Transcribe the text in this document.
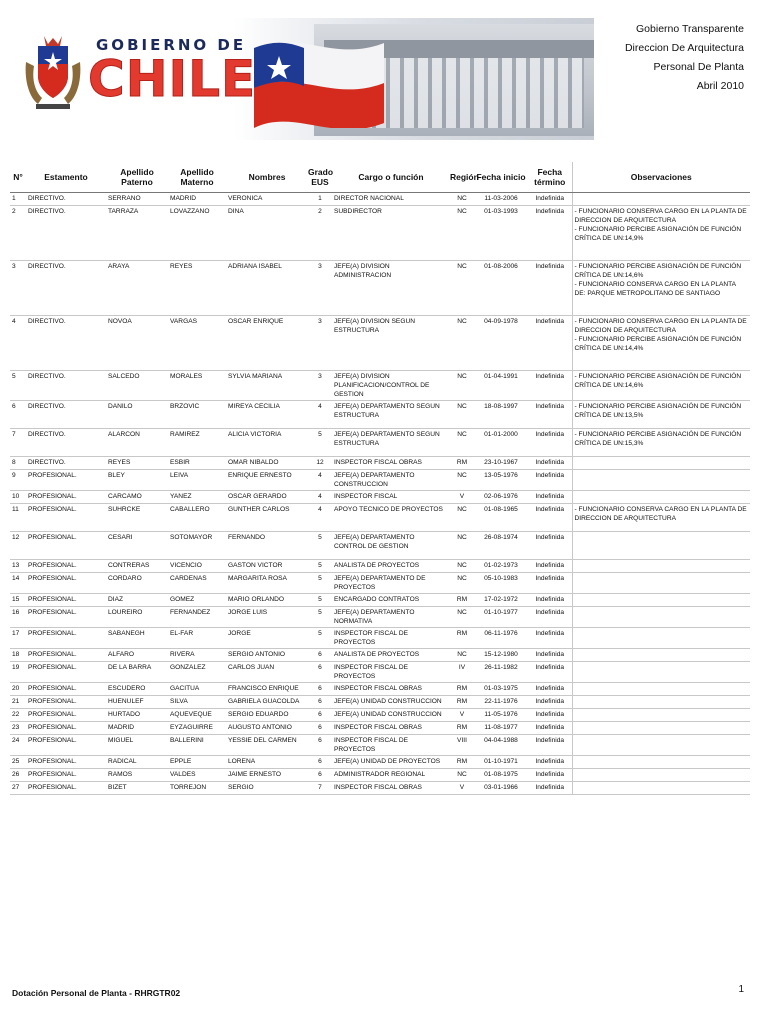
GOBIERNO DE
CHILE
Gobierno Transparente
Direccion De Arquitectura
Personal De Planta
Abril 2010
N°	Estamento	Apellido Paterno	Apellido Materno	Nombres	Grado EUS	Cargo o función	Región	Fecha inicio	Fecha término	Observaciones
1	DIRECTIVO.	SERRANO	MADRID	VERONICA	1	DIRECTOR NACIONAL	NC	11-03-2006	Indefinida	
2	DIRECTIVO.	TARRAZA	LOVAZZANO	DINA	2	SUBDIRECTOR	NC	01-03-1993	Indefinida	- FUNCIONARIO CONSERVA CARGO EN LA PLANTA DE DIRECCION DE ARQUITECTURA
- FUNCIONARIO PERCIBE ASIGNACIÓN DE FUNCIÓN CRÍTICA DE UN:14,9%
3	DIRECTIVO.	ARAYA	REYES	ADRIANA ISABEL	3	JEFE(A) DIVISION ADMINISTRACION	NC	01-08-2006	Indefinida	- FUNCIONARIO PERCIBE ASIGNACIÓN DE FUNCIÓN CRÍTICA DE UN:14,6%
- FUNCIONARIO CONSERVA CARGO EN LA PLANTA DE: PARQUE METROPOLITANO DE SANTIAGO
4	DIRECTIVO.	NOVOA	VARGAS	OSCAR ENRIQUE	3	JEFE(A) DIVISION SEGUN ESTRUCTURA	NC	04-09-1978	Indefinida	- FUNCIONARIO CONSERVA CARGO EN LA PLANTA DE DIRECCION DE ARQUITECTURA
- FUNCIONARIO PERCIBE ASIGNACIÓN DE FUNCIÓN CRÍTICA DE UN:14,4%
5	DIRECTIVO.	SALCEDO	MORALES	SYLVIA MARIANA	3	JEFE(A) DIVISION PLANIFICACION/CONTROL DE GESTION	NC	01-04-1991	Indefinida	- FUNCIONARIO PERCIBE ASIGNACIÓN DE FUNCIÓN CRÍTICA DE UN:14,6%
6	DIRECTIVO.	DANILO	BRZOVIC	MIREYA CECILIA	4	JEFE(A) DEPARTAMENTO SEGUN ESTRUCTURA	NC	18-08-1997	Indefinida	- FUNCIONARIO PERCIBE ASIGNACIÓN DE FUNCIÓN CRÍTICA DE UN:13,5%
7	DIRECTIVO.	ALARCON	RAMIREZ	ALICIA VICTORIA	5	JEFE(A) DEPARTAMENTO SEGUN ESTRUCTURA	NC	01-01-2000	Indefinida	- FUNCIONARIO PERCIBE ASIGNACIÓN DE FUNCIÓN CRÍTICA DE UN:15,3%
8	DIRECTIVO.	REYES	ESBIR	OMAR NIBALDO	12	INSPECTOR FISCAL OBRAS	RM	23-10-1967	Indefinida	
9	PROFESIONAL.	BLEY	LEIVA	ENRIQUE ERNESTO	4	JEFE(A) DEPARTAMENTO CONSTRUCCION	NC	13-05-1976	Indefinida	
10	PROFESIONAL.	CARCAMO	YANEZ	OSCAR GERARDO	4	INSPECTOR FISCAL	V	02-06-1976	Indefinida	
11	PROFESIONAL.	SUHRCKE	CABALLERO	GUNTHER CARLOS	4	APOYO TECNICO DE PROYECTOS	NC	01-08-1965	Indefinida	- FUNCIONARIO CONSERVA CARGO EN LA PLANTA DE DIRECCION DE ARQUITECTURA
12	PROFESIONAL.	CESARI	SOTOMAYOR	FERNANDO	5	JEFE(A) DEPARTAMENTO CONTROL DE GESTION	NC	26-08-1974	Indefinida	
13	PROFESIONAL.	CONTRERAS	VICENCIO	GASTON VICTOR	5	ANALISTA DE PROYECTOS	NC	01-02-1973	Indefinida	
14	PROFESIONAL.	CORDARO	CARDENAS	MARGARITA ROSA	5	JEFE(A) DEPARTAMENTO DE PROYECTOS	NC	05-10-1983	Indefinida	
15	PROFESIONAL.	DIAZ	GOMEZ	MARIO ORLANDO	5	ENCARGADO CONTRATOS	RM	17-02-1972	Indefinida	
16	PROFESIONAL.	LOUREIRO	FERNANDEZ	JORGE LUIS	5	JEFE(A) DEPARTAMENTO NORMATIVA	NC	01-10-1977	Indefinida	
17	PROFESIONAL.	SABANEGH	EL-FAR	JORGE	5	INSPECTOR FISCAL DE PROYECTOS	RM	06-11-1976	Indefinida	
18	PROFESIONAL.	ALFARO	RIVERA	SERGIO ANTONIO	6	ANALISTA DE PROYECTOS	NC	15-12-1980	Indefinida	
19	PROFESIONAL.	DE LA BARRA	GONZALEZ	CARLOS JUAN	6	INSPECTOR FISCAL DE PROYECTOS	IV	26-11-1982	Indefinida	
20	PROFESIONAL.	ESCUDERO	GACITUA	FRANCISCO ENRIQUE	6	INSPECTOR FISCAL OBRAS	RM	01-03-1975	Indefinida	
21	PROFESIONAL.	HUENULEF	SILVA	GABRIELA GUACOLDA	6	JEFE(A) UNIDAD CONSTRUCCION	RM	22-11-1976	Indefinida	
22	PROFESIONAL.	HURTADO	AQUEVEQUE	SERGIO EDUARDO	6	JEFE(A) UNIDAD CONSTRUCCION	V	11-05-1976	Indefinida	
23	PROFESIONAL.	MADRID	EYZAGUIRRE	AUGUSTO ANTONIO	6	INSPECTOR FISCAL OBRAS	RM	11-08-1977	Indefinida	
24	PROFESIONAL.	MIGUEL	BALLERINI	YESSIE DEL CARMEN	6	INSPECTOR FISCAL DE PROYECTOS	VIII	04-04-1988	Indefinida	
25	PROFESIONAL.	RADICAL	EPPLE	LORENA	6	JEFE(A) UNIDAD DE PROYECTOS	RM	01-10-1971	Indefinida	
26	PROFESIONAL.	RAMOS	VALDES	JAIME ERNESTO	6	ADMINISTRADOR REGIONAL	NC	01-08-1975	Indefinida	
27	PROFESIONAL.	BIZET	TORREJON	SERGIO	7	INSPECTOR FISCAL OBRAS	V	03-01-1966	Indefinida	
Dotación Personal de Planta - RHRGTR02	1
